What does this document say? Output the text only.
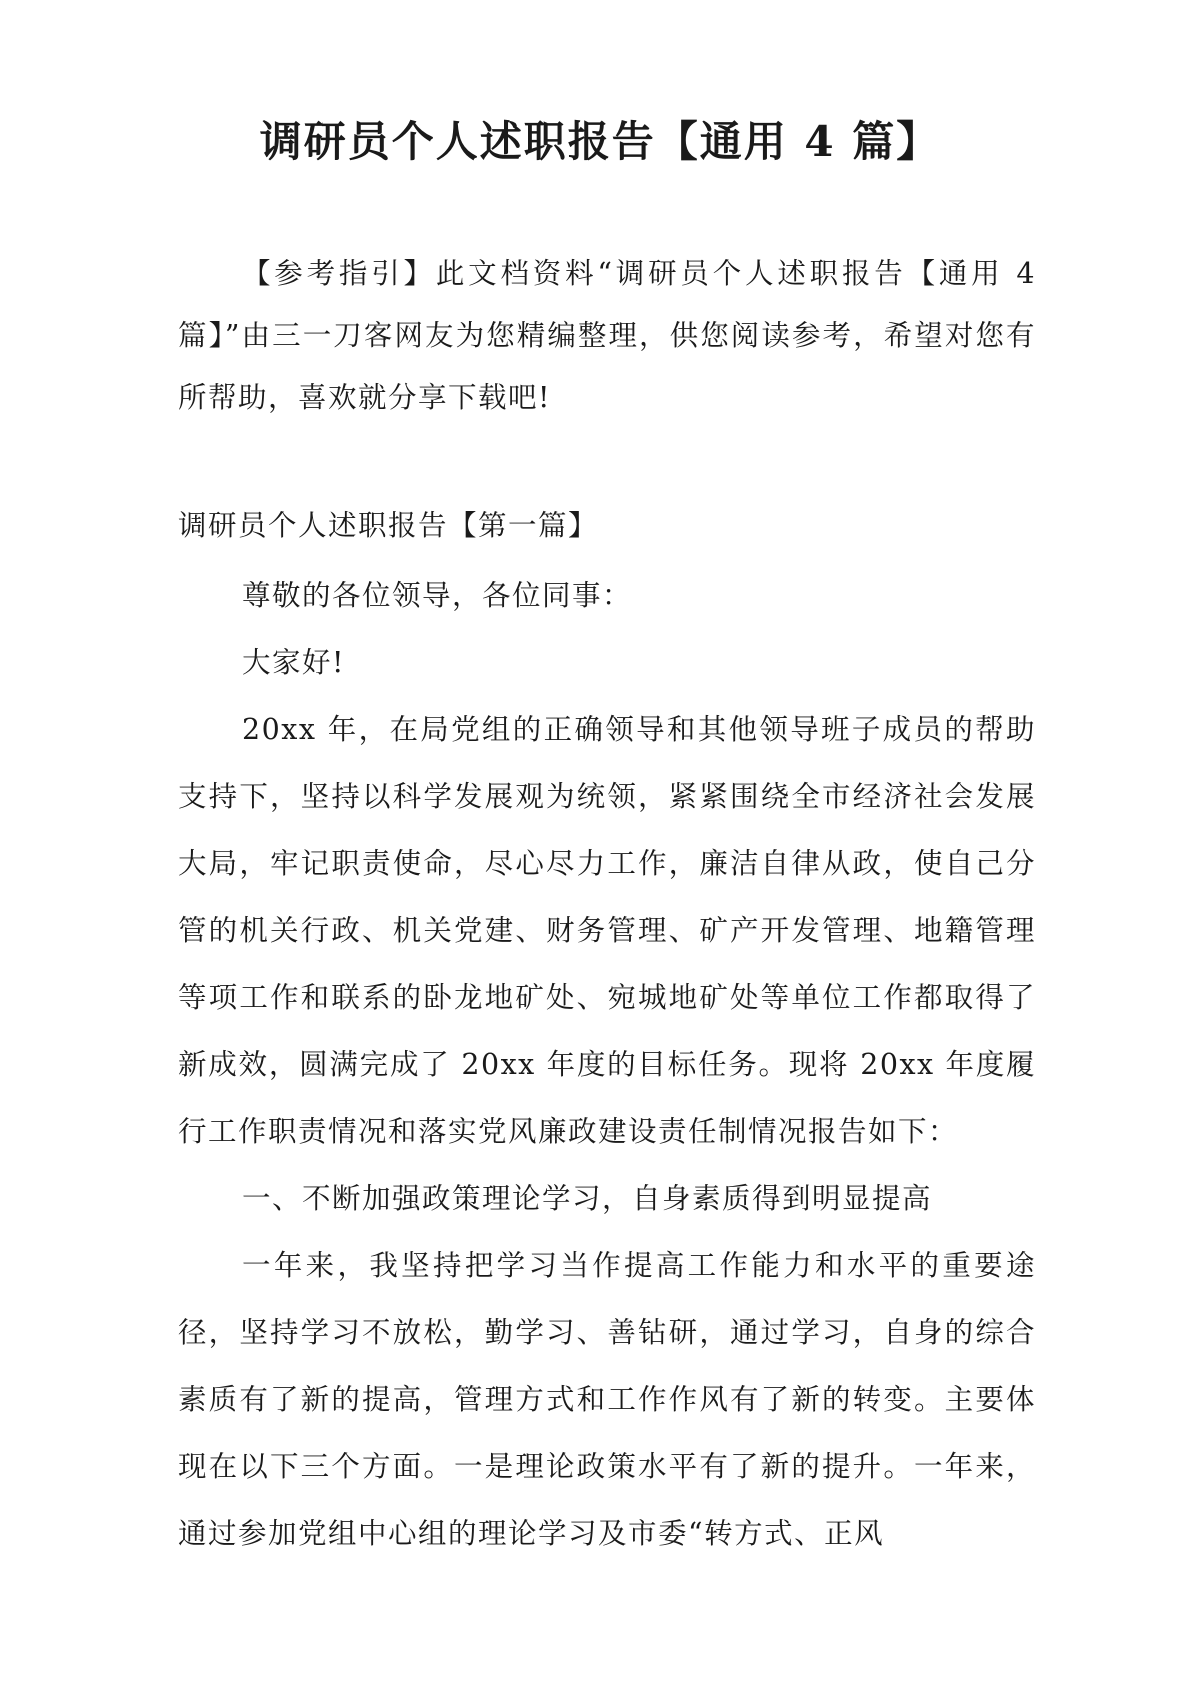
调研员个人述职报告【通用 4 篇】

【参考指引】此文档资料“调研员个人述职报告【通用 4 篇】”由三一刀客网友为您精编整理，供您阅读参考，希望对您有所帮助，喜欢就分享下载吧!

调研员个人述职报告【第一篇】

尊敬的各位领导，各位同事：

大家好!

20xx 年，在局党组的正确领导和其他领导班子成员的帮助支持下，坚持以科学发展观为统领，紧紧围绕全市经济社会发展大局，牢记职责使命，尽心尽力工作，廉洁自律从政，使自己分管的机关行政、机关党建、财务管理、矿产开发管理、地籍管理等项工作和联系的卧龙地矿处、宛城地矿处等单位工作都取得了新成效，圆满完成了 20xx 年度的目标任务。现将 20xx 年度履行工作职责情况和落实党风廉政建设责任制情况报告如下：

一、不断加强政策理论学习，自身素质得到明显提高

一年来，我坚持把学习当作提高工作能力和水平的重要途径，坚持学习不放松，勤学习、善钻研，通过学习，自身的综合素质有了新的提高，管理方式和工作作风有了新的转变。主要体现在以下三个方面。一是理论政策水平有了新的提升。一年来，通过参加党组中心组的理论学习及市委“转方式、正风
